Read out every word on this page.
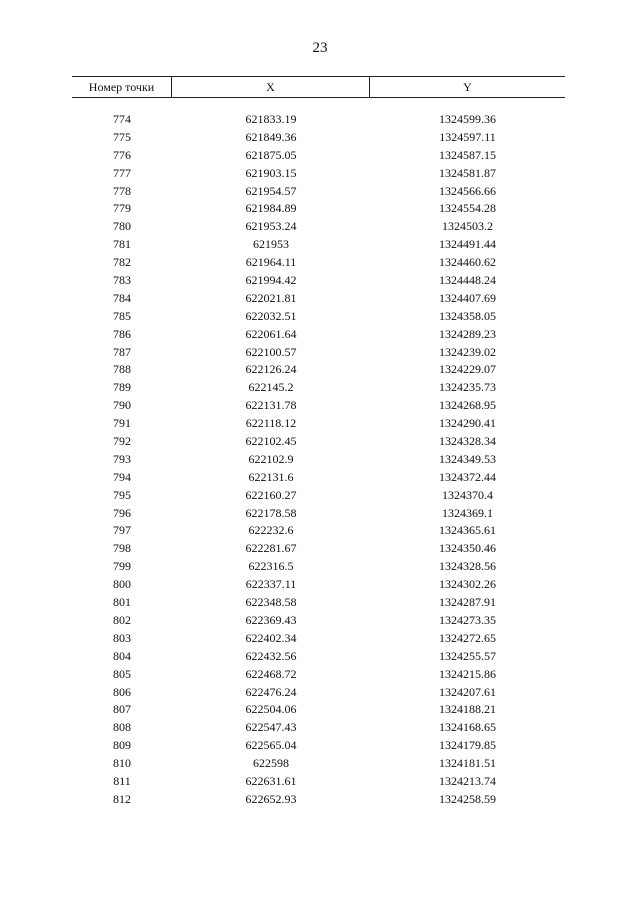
23
Номер точки	X	Y
774	621833.19	1324599.36
775	621849.36	1324597.11
776	621875.05	1324587.15
777	621903.15	1324581.87
778	621954.57	1324566.66
779	621984.89	1324554.28
780	621953.24	1324503.2
781	621953	1324491.44
782	621964.11	1324460.62
783	621994.42	1324448.24
784	622021.81	1324407.69
785	622032.51	1324358.05
786	622061.64	1324289.23
787	622100.57	1324239.02
788	622126.24	1324229.07
789	622145.2	1324235.73
790	622131.78	1324268.95
791	622118.12	1324290.41
792	622102.45	1324328.34
793	622102.9	1324349.53
794	622131.6	1324372.44
795	622160.27	1324370.4
796	622178.58	1324369.1
797	622232.6	1324365.61
798	622281.67	1324350.46
799	622316.5	1324328.56
800	622337.11	1324302.26
801	622348.58	1324287.91
802	622369.43	1324273.35
803	622402.34	1324272.65
804	622432.56	1324255.57
805	622468.72	1324215.86
806	622476.24	1324207.61
807	622504.06	1324188.21
808	622547.43	1324168.65
809	622565.04	1324179.85
810	622598	1324181.51
811	622631.61	1324213.74
812	622652.93	1324258.59
